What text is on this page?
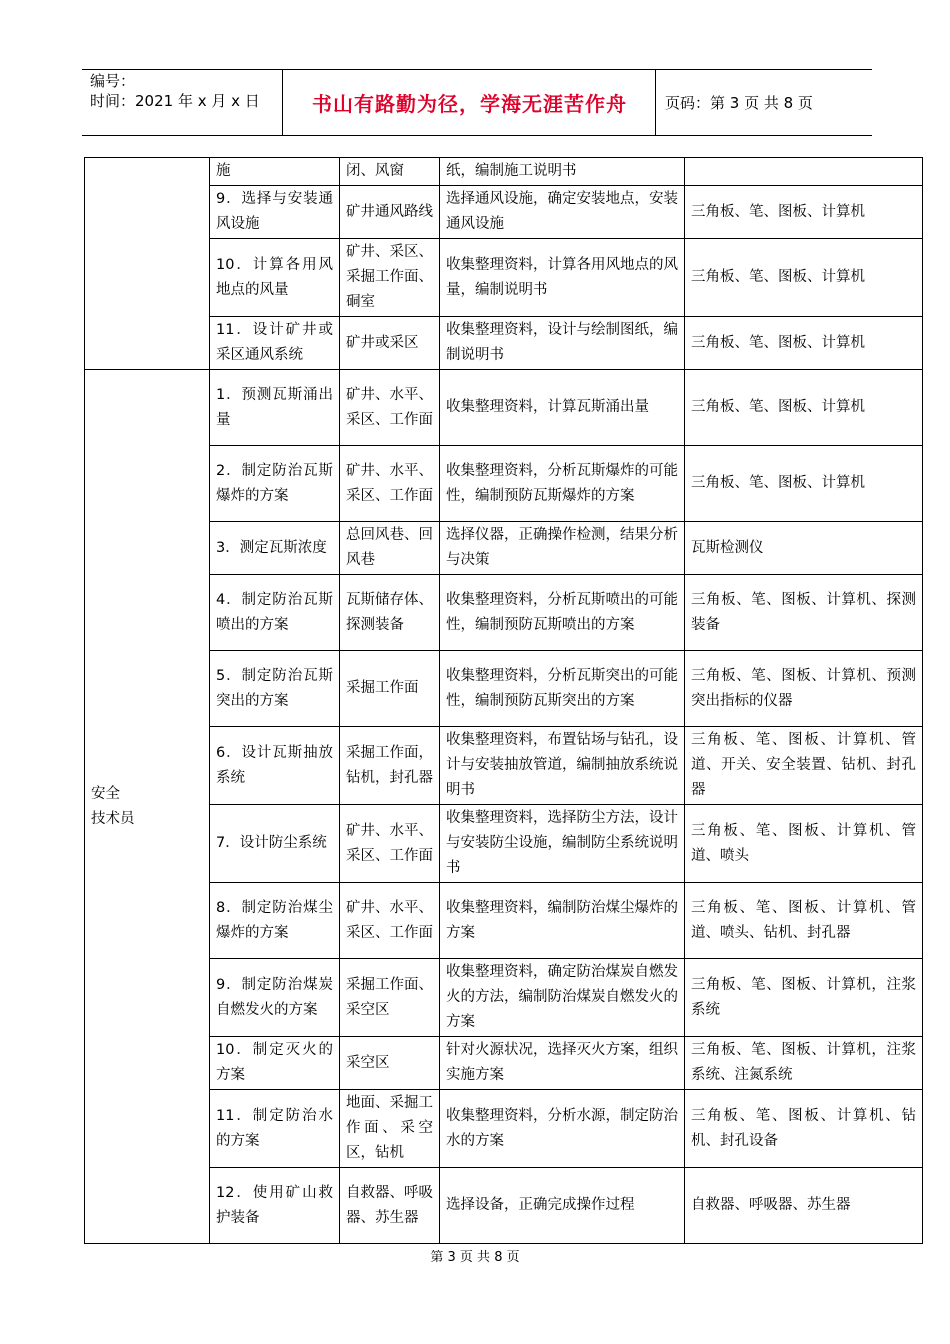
编号：
时间：2021 年 x 月 x 日	书山有路勤为径，学海无涯苦作舟	页码：第 3 页 共 8 页
	施	闭、风窗	纸，编制施工说明书	
	9．选择与安装通风设施	矿井通风路线	选择通风设施，确定安装地点，安装通风设施	三角板、笔、图板、计算机
	10．计算各用风地点的风量	矿井、采区、采掘工作面、硐室	收集整理资料，计算各用风地点的风量，编制说明书	三角板、笔、图板、计算机
	11．设计矿井或采区通风系统	矿井或采区	收集整理资料，设计与绘制图纸，编制说明书	三角板、笔、图板、计算机
安全
技术员	1．预测瓦斯涌出量	矿井、水平、采区、工作面	收集整理资料，计算瓦斯涌出量	三角板、笔、图板、计算机
	2．制定防治瓦斯爆炸的方案	矿井、水平、采区、工作面	收集整理资料，分析瓦斯爆炸的可能性，编制预防瓦斯爆炸的方案	三角板、笔、图板、计算机
	3．测定瓦斯浓度	总回风巷、回风巷	选择仪器，正确操作检测，结果分析与决策	瓦斯检测仪
	4．制定防治瓦斯喷出的方案	瓦斯储存体、探测装备	收集整理资料，分析瓦斯喷出的可能性，编制预防瓦斯喷出的方案	三角板、笔、图板、计算机、探测装备
	5．制定防治瓦斯突出的方案	采掘工作面	收集整理资料，分析瓦斯突出的可能性，编制预防瓦斯突出的方案	三角板、笔、图板、计算机、预测突出指标的仪器
	6．设计瓦斯抽放系统	采掘工作面，钻机，封孔器	收集整理资料，布置钻场与钻孔，设计与安装抽放管道，编制抽放系统说明书	三角板、笔、图板、计算机、管道、开关、安全装置、钻机、封孔器
	7．设计防尘系统	矿井、水平、采区、工作面	收集整理资料，选择防尘方法，设计与安装防尘设施，编制防尘系统说明书	三角板、笔、图板、计算机、管道、喷头
	8．制定防治煤尘爆炸的方案	矿井、水平、采区、工作面	收集整理资料，编制防治煤尘爆炸的方案	三角板、笔、图板、计算机、管道、喷头、钻机、封孔器
	9．制定防治煤炭自燃发火的方案	采掘工作面、采空区	收集整理资料，确定防治煤炭自燃发火的方法，编制防治煤炭自燃发火的方案	三角板、笔、图板、计算机，注浆系统
	10．制定灭火的方案	采空区	针对火源状况，选择灭火方案，组织实施方案	三角板、笔、图板、计算机，注浆系统、注氮系统
	11．制定防治水的方案	地面、采掘工作面、采空区，钻机	收集整理资料，分析水源，制定防治水的方案	三角板、笔、图板、计算机、钻机、封孔设备
	12．使用矿山救护装备	自救器、呼吸器、苏生器	选择设备，正确完成操作过程	自救器、呼吸器、苏生器
第 3 页 共 8 页
